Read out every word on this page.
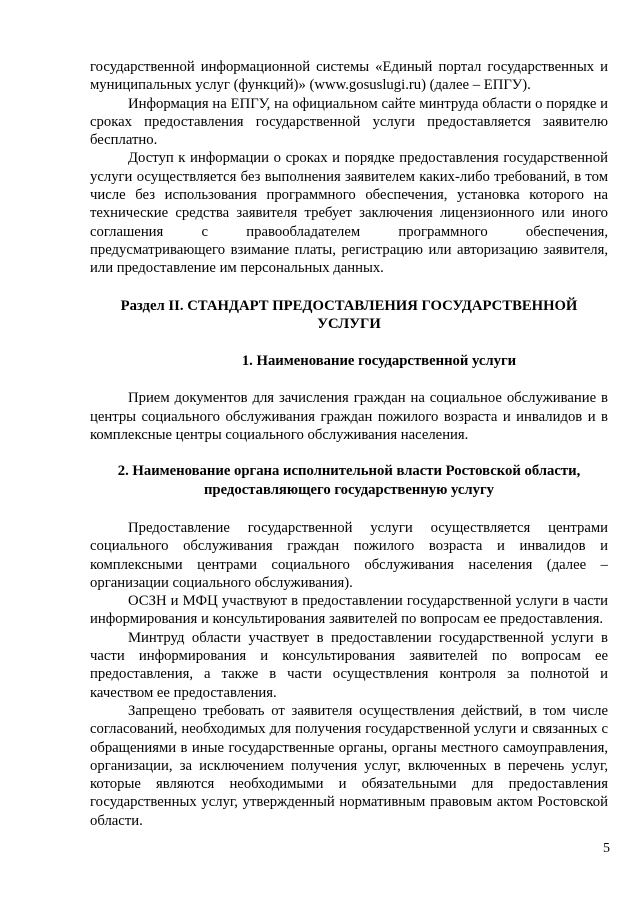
государственной информационной системы «Единый портал государственных и муниципальных услуг (функций)» (www.gosuslugi.ru) (далее – ЕПГУ).

Информация на ЕПГУ, на официальном сайте минтруда области о порядке и сроках предоставления государственной услуги предоставляется заявителю бесплатно.

Доступ к информации о сроках и порядке предоставления государственной услуги осуществляется без выполнения заявителем каких-либо требований, в том числе без использования программного обеспечения, установка которого на технические средства заявителя требует заключения лицензионного или иного соглашения с правообладателем программного обеспечения, предусматривающего взимание платы, регистрацию или авторизацию заявителя, или предоставление им персональных данных.

Раздел II. СТАНДАРТ ПРЕДОСТАВЛЕНИЯ ГОСУДАРСТВЕННОЙ УСЛУГИ
1. Наименование государственной услуги

Прием документов для зачисления граждан на социальное обслуживание в центры социального обслуживания граждан пожилого возраста и инвалидов и в комплексные центры социального обслуживания населения.

2. Наименование органа исполнительной власти Ростовской области, предоставляющего государственную услугу

Предоставление государственной услуги осуществляется центрами социального обслуживания граждан пожилого возраста и инвалидов и комплексными центрами социального обслуживания населения (далее – организации социального обслуживания).

ОСЗН и МФЦ участвуют в предоставлении государственной услуги в части информирования и консультирования заявителей по вопросам ее предоставления.

Минтруд области участвует в предоставлении государственной услуги в части информирования и консультирования заявителей по вопросам ее предоставления, а также в части осуществления контроля за полнотой и качеством ее предоставления.

Запрещено требовать от заявителя осуществления действий, в том числе согласований, необходимых для получения государственной услуги и связанных с обращениями в иные государственные органы, органы местного самоуправления, организации, за исключением получения услуг, включенных в перечень услуг, которые являются необходимыми и обязательными для предоставления государственных услуг, утвержденный нормативным правовым актом Ростовской области.

5
